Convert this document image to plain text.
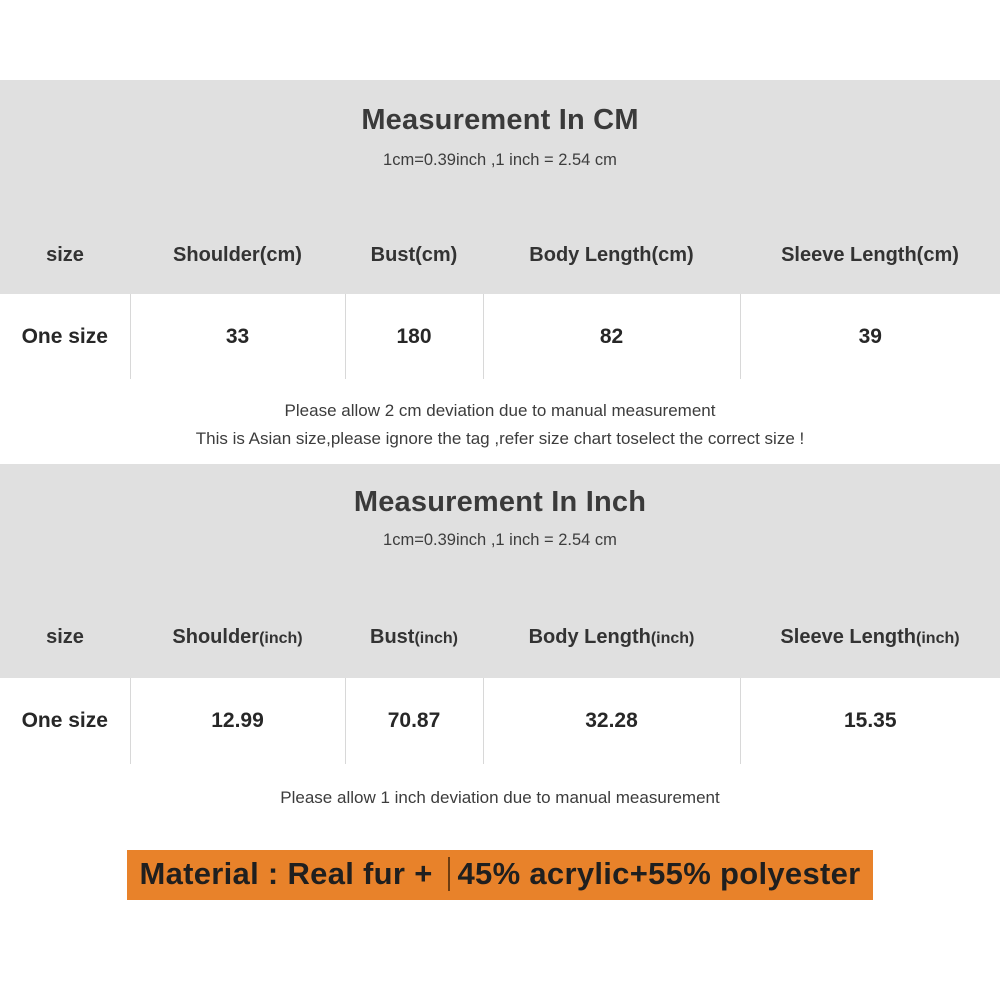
Measurement In CM
1cm=0.39inch ,1 inch = 2.54 cm
size	Shoulder(cm)	Bust(cm)	Body Length(cm)	Sleeve Length(cm)
One size	33	180	82	39
Please allow 2 cm deviation due to manual measurement
This is Asian size,please ignore the tag ,refer size chart toselect the correct size !
Measurement In Inch
1cm=0.39inch ,1 inch = 2.54 cm
size	Shoulder(inch)	Bust(inch)	Body Length(inch)	Sleeve Length(inch)
One size	12.99	70.87	32.28	15.35
Please allow 1 inch deviation due to manual measurement
Material : Real fur + 45% acrylic+55% polyester
